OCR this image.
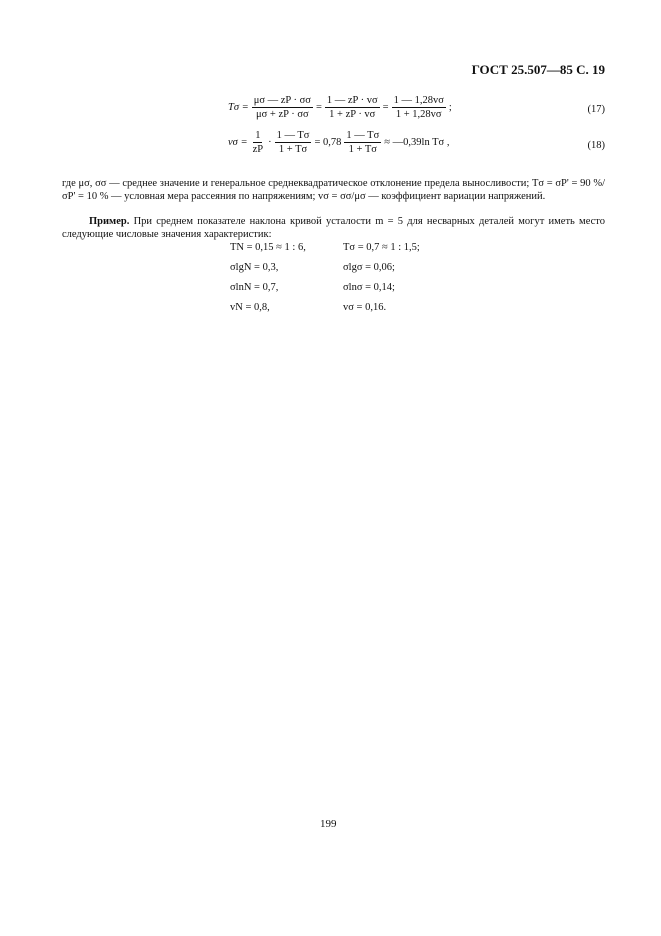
ГОСТ 25.507—85 С. 19
$T\sigma = \frac{\mu\sigma — zP \cdot \sigma\sigma}{\mu\sigma + zP \cdot \sigma\sigma} = \frac{1 — zP \cdot v\sigma}{1 + zP \cdot v\sigma} = \frac{1 — 1,28v\sigma}{1 + 1,28v\sigma}$ ;	(17)
$v\sigma = \frac{1}{zP} \cdot \frac{1 — T\sigma}{1 + T\sigma} = 0,78 \frac{1 — T\sigma}{1 + T\sigma}$ ≈ —0,39ln Tσ ,	(18)
где μσ, σσ — среднее значение и генеральное среднеквадратическое отклонение предела выносливости; Tσ = σP' = 90 %/σP' = 10 % — условная мера рассеяния по напряжениям; vσ = σσ/μσ — коэффициент вариации напряжений.
Пример. При среднем показателе наклона кривой усталости m = 5 для несварных деталей могут иметь место следующие числовые значения характеристик:
TN = 0,15 ≈ 1 : 6,
σlgN = 0,3,
σlnN = 0,7,
vN = 0,8,
Tσ = 0,7 ≈ 1 : 1,5;
σlgσ = 0,06;
σlnσ = 0,14;
vσ = 0,16.
199
